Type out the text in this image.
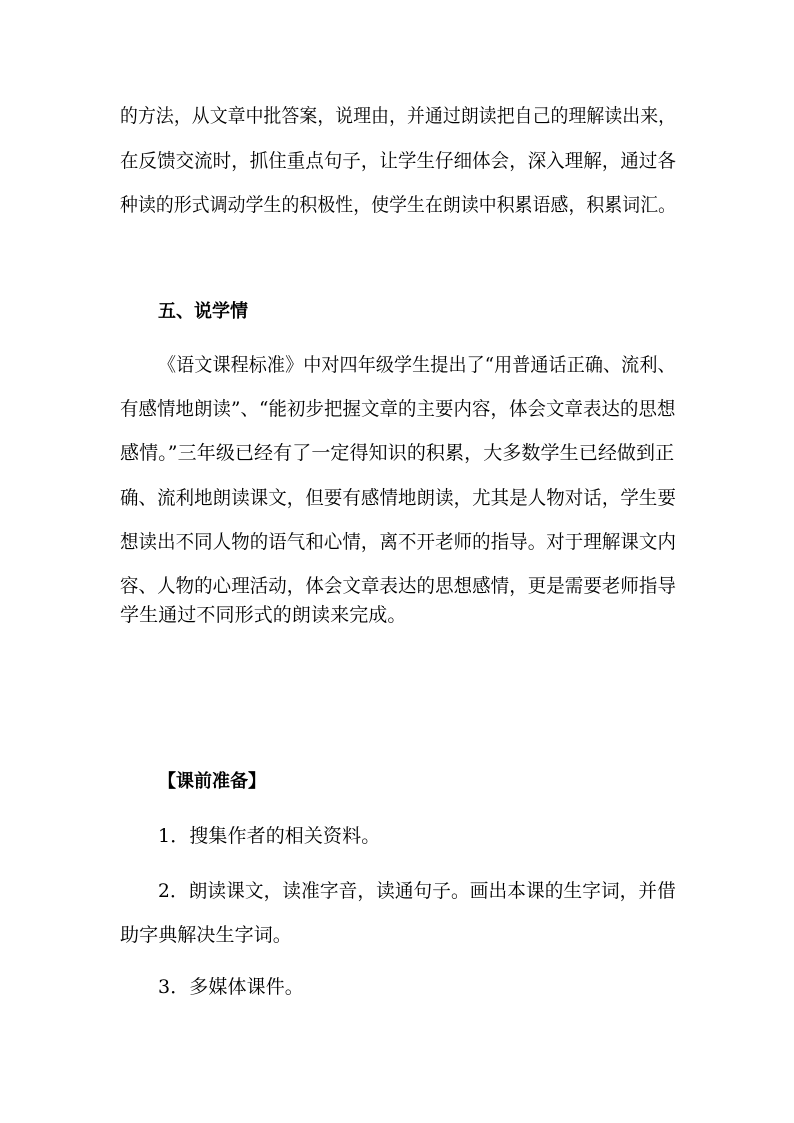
的方法，从文章中批答案，说理由，并通过朗读把自己的理解读出来，
在反馈交流时，抓住重点句子，让学生仔细体会，深入理解，通过各
种读的形式调动学生的积极性，使学生在朗读中积累语感，积累词汇。
五、说学情
《语文课程标准》中对四年级学生提出了“用普通话正确、流利、
有感情地朗读”、“能初步把握文章的主要内容，体会文章表达的思想
感情。”三年级已经有了一定得知识的积累，大多数学生已经做到正
确、流利地朗读课文，但要有感情地朗读，尤其是人物对话，学生要
想读出不同人物的语气和心情，离不开老师的指导。对于理解课文内
容、人物的心理活动，体会文章表达的思想感情，更是需要老师指导
学生通过不同形式的朗读来完成。
【课前准备】
1．搜集作者的相关资料。
2．朗读课文，读准字音，读通句子。画出本课的生字词，并借
助字典解决生字词。
3．多媒体课件。
